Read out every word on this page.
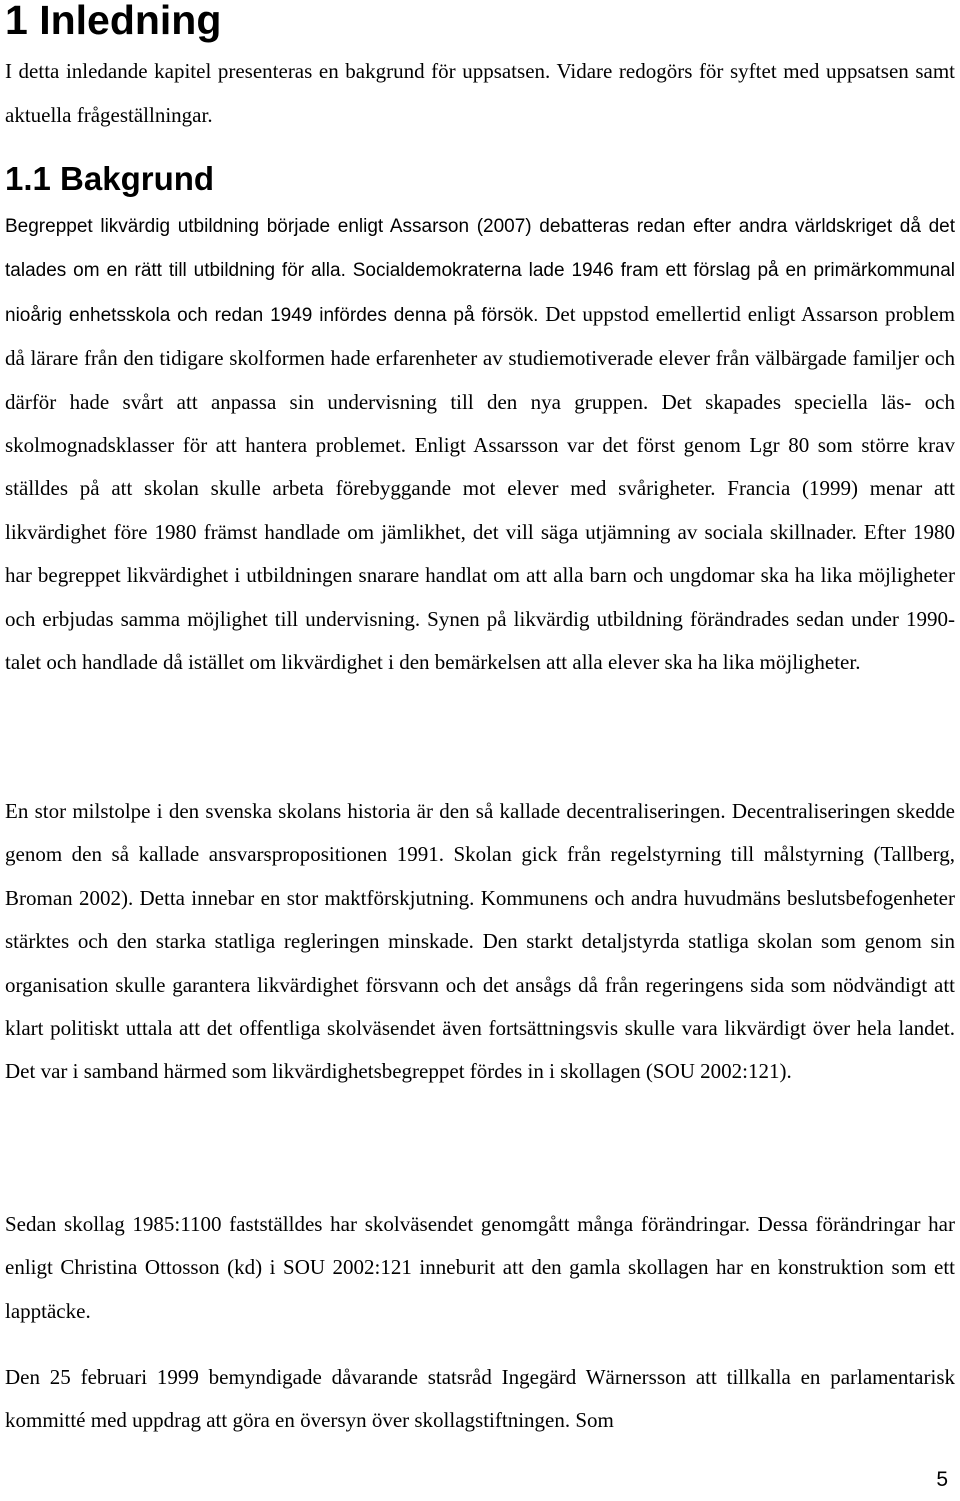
1 Inledning

I detta inledande kapitel presenteras en bakgrund för uppsatsen. Vidare redogörs för syftet med uppsatsen samt aktuella frågeställningar.

1.1 Bakgrund

Begreppet likvärdig utbildning började enligt Assarson (2007) debatteras redan efter andra världskriget då det talades om en rätt till utbildning för alla. Socialdemokraterna lade 1946 fram ett förslag på en primärkommunal nioårig enhetsskola och redan 1949 infördes denna på försök. Det uppstod emellertid enligt Assarson problem då lärare från den tidigare skolformen hade erfarenheter av studiemotiverade elever från välbärgade familjer och därför hade svårt att anpassa sin undervisning till den nya gruppen. Det skapades speciella läs- och skolmognadsklasser för att hantera problemet. Enligt Assarsson var det först genom Lgr 80 som större krav ställdes på att skolan skulle arbeta förebyggande mot elever med svårigheter. Francia (1999) menar att likvärdighet före 1980 främst handlade om jämlikhet, det vill säga utjämning av sociala skillnader. Efter 1980 har begreppet likvärdighet i utbildningen snarare handlat om att alla barn och ungdomar ska ha lika möjligheter och erbjudas samma möjlighet till undervisning. Synen på likvärdig utbildning förändrades sedan under 1990-talet och handlade då istället om likvärdighet i den bemärkelsen att alla elever ska ha lika möjligheter.

En stor milstolpe i den svenska skolans historia är den så kallade decentraliseringen. Decentraliseringen skedde genom den så kallade ansvarspropositionen 1991. Skolan gick från regelstyrning till målstyrning (Tallberg, Broman 2002). Detta innebar en stor maktförskjutning. Kommunens och andra huvudmäns beslutsbefogenheter stärktes och den starka statliga regleringen minskade. Den starkt detaljstyrda statliga skolan som genom sin organisation skulle garantera likvärdighet försvann och det ansågs då från regeringens sida som nödvändigt att klart politiskt uttala att det offentliga skolväsendet även fortsättningsvis skulle vara likvärdigt över hela landet. Det var i samband härmed som likvärdighetsbegreppet fördes in i skollagen (SOU 2002:121).

Sedan skollag 1985:1100 fastställdes har skolväsendet genomgått många förändringar. Dessa förändringar har enligt Christina Ottosson (kd) i SOU 2002:121 inneburit att den gamla skollagen har en konstruktion som ett lapptäcke.

Den 25 februari 1999 bemyndigade dåvarande statsråd Ingegärd Wärnersson att tillkalla en parlamentarisk kommitté med uppdrag att göra en översyn över skollagstiftningen. Som

5
